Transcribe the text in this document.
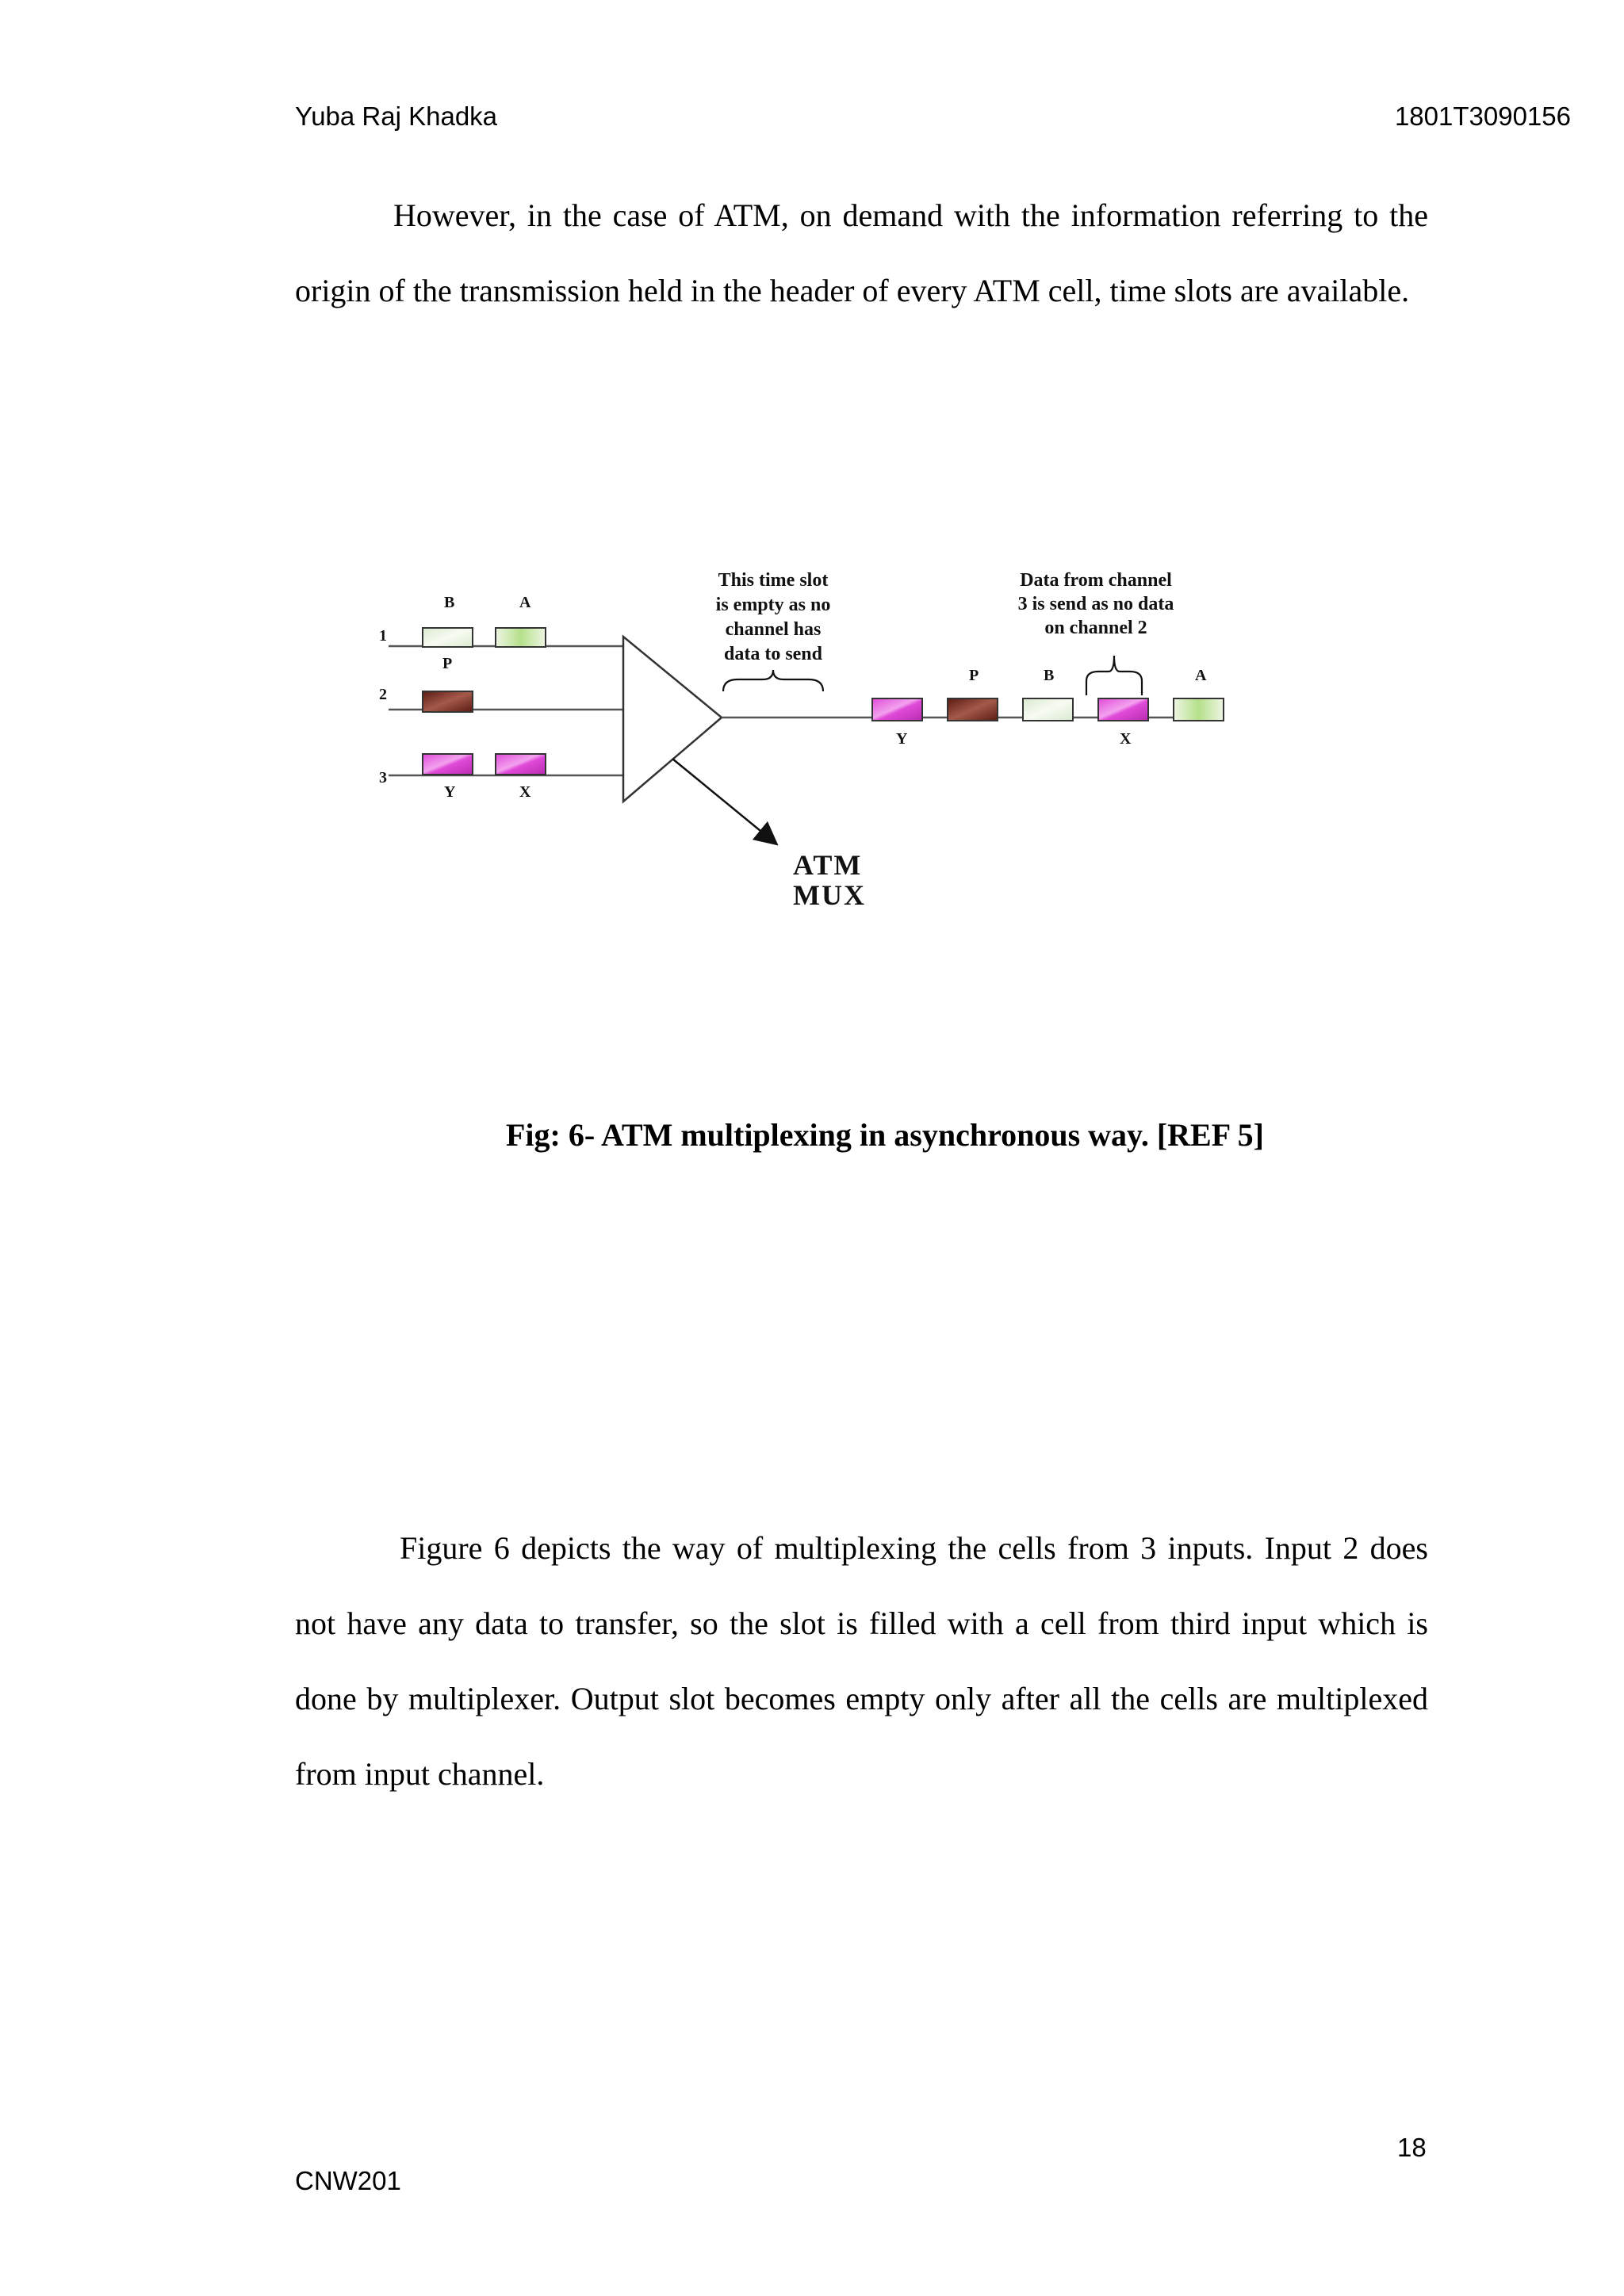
Yuba Raj Khadka	1801T3090156

However, in the case of ATM, on demand with the information referring to the origin of the transmission held in the header of every ATM cell, time slots are available.

1
2
3
B	A
P
Y	X
ATM
MUX
This time slot
is empty as no
channel has
data to send
Data from channel
3 is send as no data
on channel 2
Y
P	B
X
A
Fig: 6- ATM multiplexing in asynchronous way. [REF 5]

Figure 6 depicts the way of multiplexing the cells from 3 inputs. Input 2 does not have any data to transfer, so the slot is filled with a cell from third input which is done by multiplexer. Output slot becomes empty only after all the cells are multiplexed from input channel.

18
CNW201
